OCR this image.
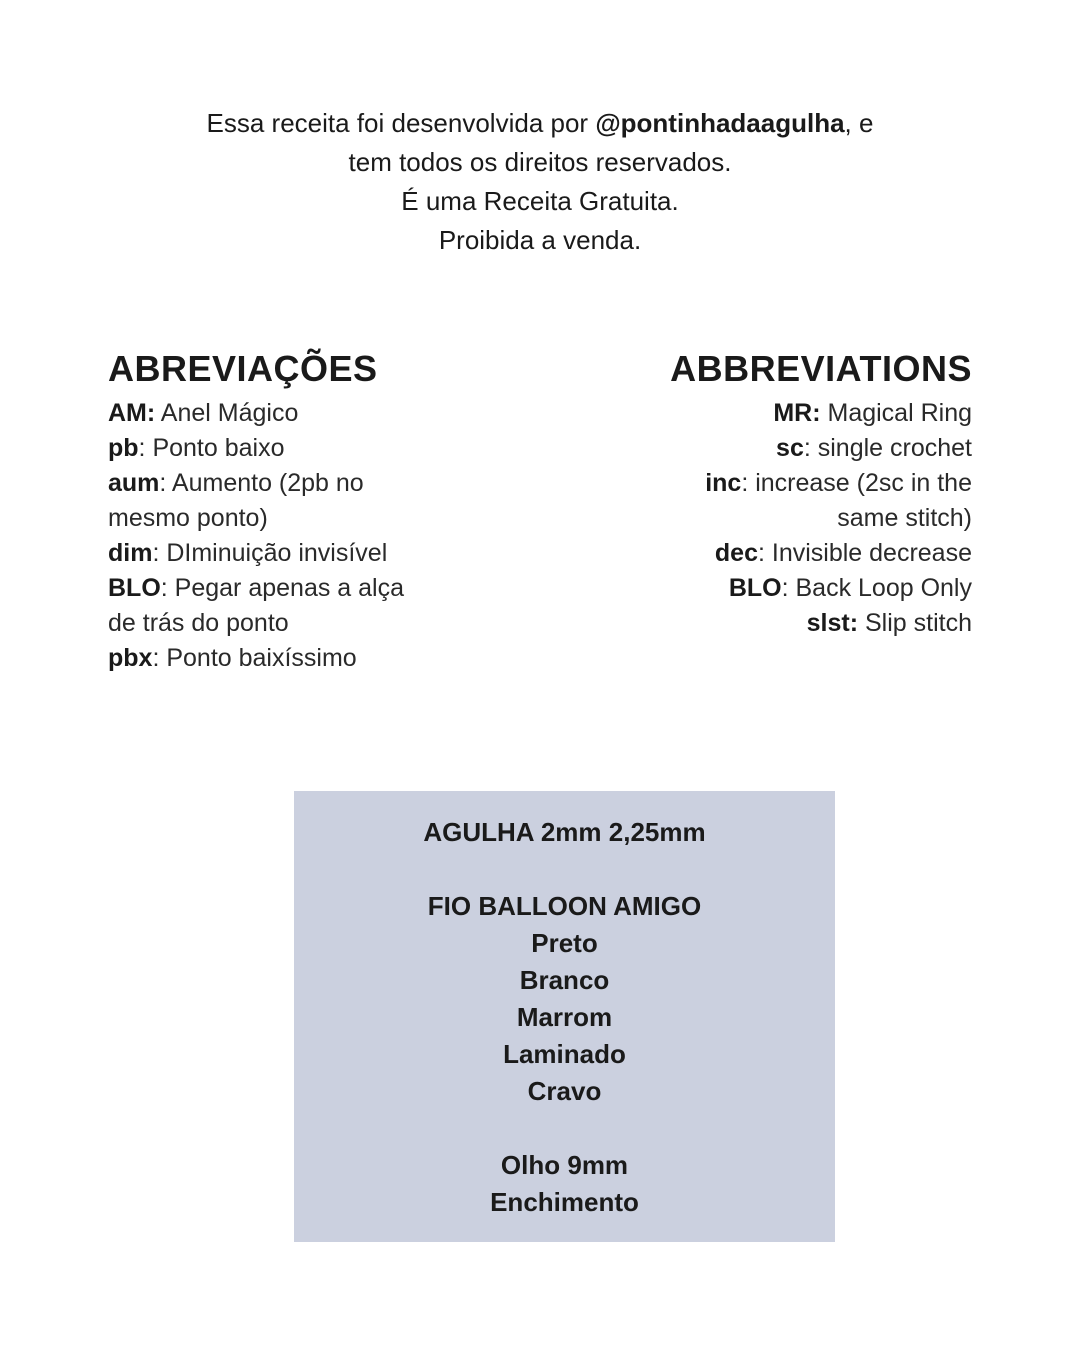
Essa receita foi desenvolvida por @pontinhadaagulha, e
tem todos os direitos reservados.
É uma Receita Gratuita.
Proibida a venda.
ABREVIAÇÕES
AM: Anel Mágico
pb: Ponto baixo
aum: Aumento (2pb no mesmo ponto)
dim: DIminuição invisível
BLO: Pegar apenas a alça de trás do ponto
pbx: Ponto baixíssimo
ABBREVIATIONS
MR: Magical Ring
sc: single crochet
inc: increase (2sc in the same stitch)
dec: Invisible decrease
BLO: Back Loop Only
slst: Slip stitch
AGULHA 2mm 2,25mm
FIO BALLOON AMIGO
Preto
Branco
Marrom
Laminado
Cravo
Olho 9mm
Enchimento
